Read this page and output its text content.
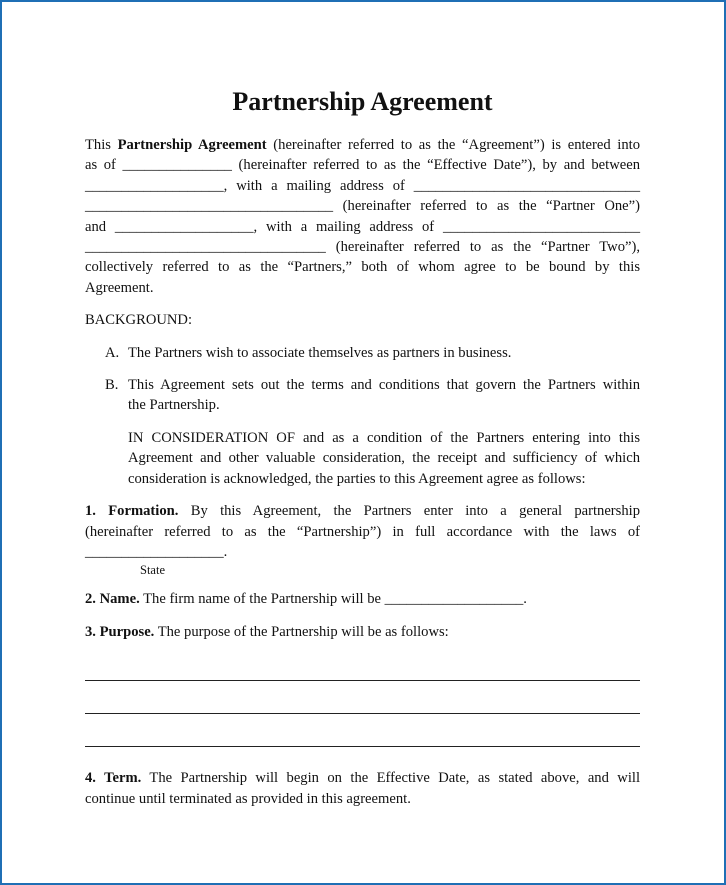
Partnership Agreement

This Partnership Agreement (hereinafter referred to as the “Agreement”) is entered into

as of _______________ (hereinafter referred to as the “Effective Date”), by and between

___________________, with a mailing address of _______________________________

__________________________________ (hereinafter referred to as the “Partner One”)

and ___________________, with a mailing address of ___________________________

_________________________________ (hereinafter referred to as the “Partner Two”),

collectively referred to as the “Partners,” both of whom agree to be bound by this

Agreement.

BACKGROUND:

A. The Partners wish to associate themselves as partners in business.

B. This Agreement sets out the terms and conditions that govern the Partners within

the Partnership.

IN CONSIDERATION OF and as a condition of the Partners entering into this

Agreement and other valuable consideration, the receipt and sufficiency of which

consideration is acknowledged, the parties to this Agreement agree as follows:

1. Formation. By this Agreement, the Partners enter into a general partnership

(hereinafter referred to as the “Partnership”) in full accordance with the laws of

___________________.

State

2. Name. The firm name of the Partnership will be ___________________.

3. Purpose. The purpose of the Partnership will be as follows:

4. Term. The Partnership will begin on the Effective Date, as stated above, and will

continue until terminated as provided in this agreement.
